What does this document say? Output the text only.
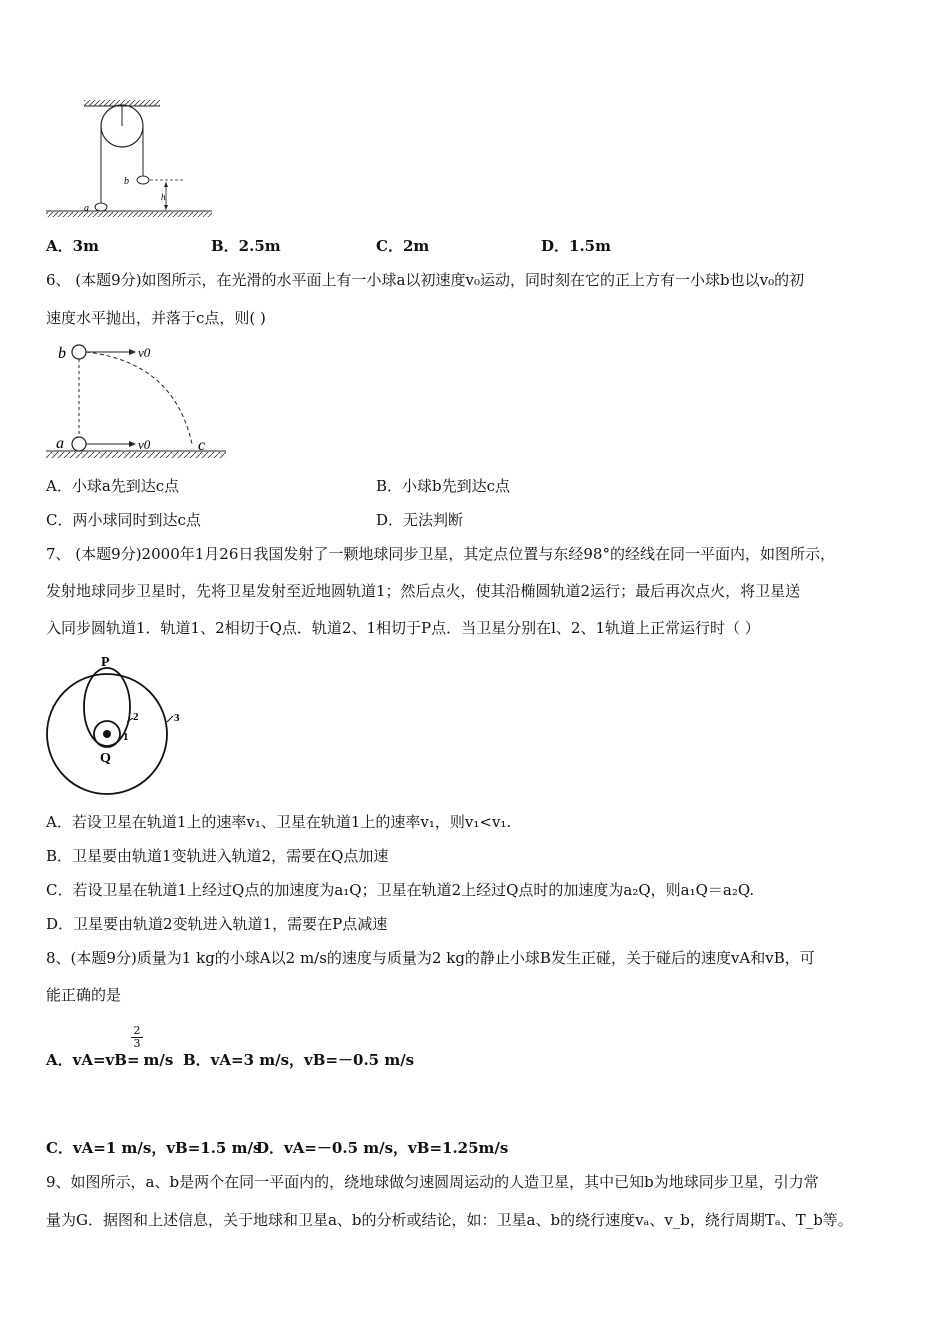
b
a
h
A．3m	B．2.5m	C．2m	D．1.5m
6、 (本题9分)如图所示，在光滑的水平面上有一小球a以初速度v₀运动，同时刻在它的正上方有一小球b也以v₀的初
速度水平抛出，并落于c点，则( )
b
a	c
v0
v0
A．小球a先到达c点	B．小球b先到达c点
C．两小球同时到达c点	D．无法判断
7、 (本题9分)2000年1月26日我国发射了一颗地球同步卫星，其定点位置与东经98°的经线在同一平面内，如图所示，
发射地球同步卫星时，先将卫星发射至近地圆轨道1；然后点火，使其沿椭圆轨道2运行；最后再次点火，将卫星送
入同步圆轨道1．轨道1、2相切于Q点．轨道2、1相切于P点．当卫星分别在l、2、1轨道上正常运行时（ ）
P
Q
1
2	3
A．若设卫星在轨道1上的速率v₁、卫星在轨道1上的速率v₁，则v₁<v₁.
B．卫星要由轨道1变轨进入轨道2，需要在Q点加速
C．若设卫星在轨道1上经过Q点的加速度为a₁Q；卫星在轨道2上经过Q点时的加速度为a₂Q，则a₁Q＝a₂Q.
D．卫星要由轨道2变轨进入轨道1，需要在P点减速
8、(本题9分)质量为1 kg的小球A以2 m/s的速度与质量为2 kg的静止小球B发生正碰，关于碰后的速度vA和vB，可
能正确的是
A．vA=vB= m/s
$\frac{2}{3}$
B．vA=3 m/s，vB=－0.5 m/s
C．vA=1 m/s，vB=1.5 m/s
D．vA=－0.5 m/s，vB=1.25m/s
9、如图所示，a、b是两个在同一平面内的，绕地球做匀速圆周运动的人造卫星，其中已知b为地球同步卫星，引力常
量为G．据图和上述信息，关于地球和卫星a、b的分析或结论，如：卫星a、b的绕行速度vₐ、v_b，绕行周期Tₐ、T_b等。
